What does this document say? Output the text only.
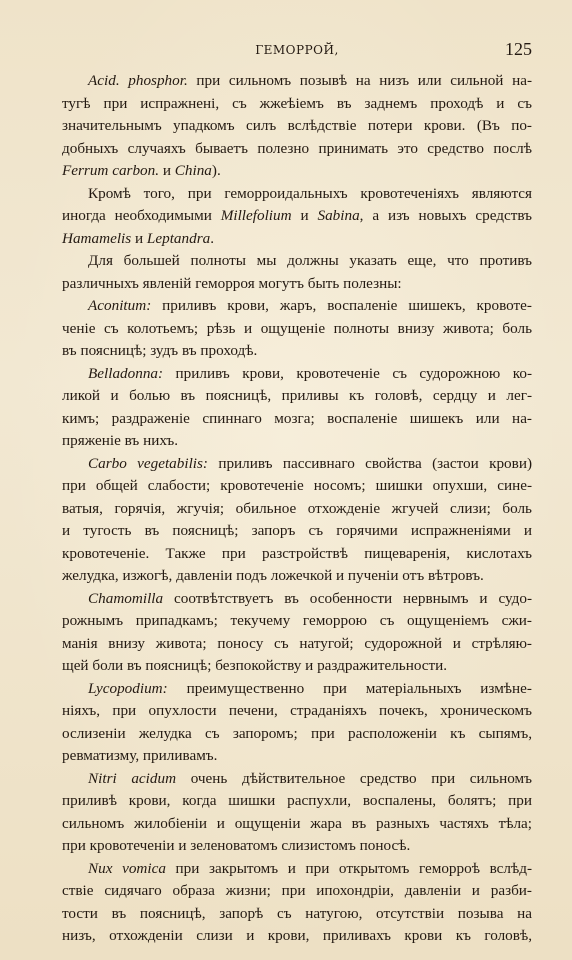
ГЕМОРРОЙ,	125
Acid. phosphor. при сильномъ позывѣ на низъ или сильной на-
тугѣ при испражнені, съ жжеѣіемъ въ заднемъ проходѣ и съ
значительнымъ упадкомъ силъ вслѣдствіе потери крови. (Въ по-
добныхъ случаяхъ бываетъ полезно принимать это средство послѣ
Ferrum carbon. и China).
Кромѣ того, при геморроидальныхъ кровотеченіяхъ являются
иногда необходимыми Millefolium и Sabina, а изъ новыхъ средствъ
Hamamelis и Leptandra.
Для большей полноты мы должны указать еще, что противъ
различныхъ явленій геморроя могутъ быть полезны:
Aconitum: приливъ крови, жаръ, воспаленіе шишекъ, кровоте-
ченіе съ колотьемъ; рѣзь и ощущеніе полноты внизу живота; боль
въ поясницѣ; зудъ въ проходѣ.
Belladonna: приливъ крови, кровотеченіе съ судорожною ко-
ликой и болью въ поясницѣ, приливы къ головѣ, сердцу и лег-
кимъ; раздраженіе спиннаго мозга; воспаленіе шишекъ или на-
пряженіе въ нихъ.
Carbo vegetabilis: приливъ пассивнаго свойства (застои крови)
при общей слабости; кровотеченіе носомъ; шишки опухши, сине-
ватыя, горячія, жгучія; обильное отхожденіе жгучей слизи; боль
и тугость въ поясницѣ; запоръ съ горячими испражненіями и
кровотеченіе. Также при разстройствѣ пищеваренія, кислотахъ
желудка, изжогѣ, давленіи подъ ложечкой и пученіи отъ вѣтровъ.
Chamomilla соотвѣтствуетъ въ особенности нервнымъ и судо-
рожнымъ припадкамъ; текучему геморрою съ ощущеніемъ сжи-
манія внизу живота; поносу съ натугой; судорожной и стрѣляю-
щей боли въ поясницѣ; безпокойству и раздражительности.
Lycopodium: преимущественно при матеріальныхъ измѣне-
ніяхъ, при опухлости печени, страданіяхъ почекъ, хроническомъ
ослизеніи желудка съ запоромъ; при расположеніи къ сыпямъ,
ревматизму, приливамъ.
Nitri acidum очень дѣйствительное средство при сильномъ
приливѣ крови, когда шишки распухли, воспалены, болятъ; при
сильномъ жилобіеніи и ощущеніи жара въ разныхъ частяхъ тѣла;
при кровотеченіи и зеленоватомъ слизистомъ поносѣ.
Nux vomica при закрытомъ и при открытомъ геморроѣ вслѣд-
ствіе сидячаго образа жизни; при ипохондріи, давленіи и разби-
тости въ поясницѣ, запорѣ съ натугою, отсутствіи позыва на
низъ, отхожденіи слизи и крови, приливахъ крови къ головѣ,
